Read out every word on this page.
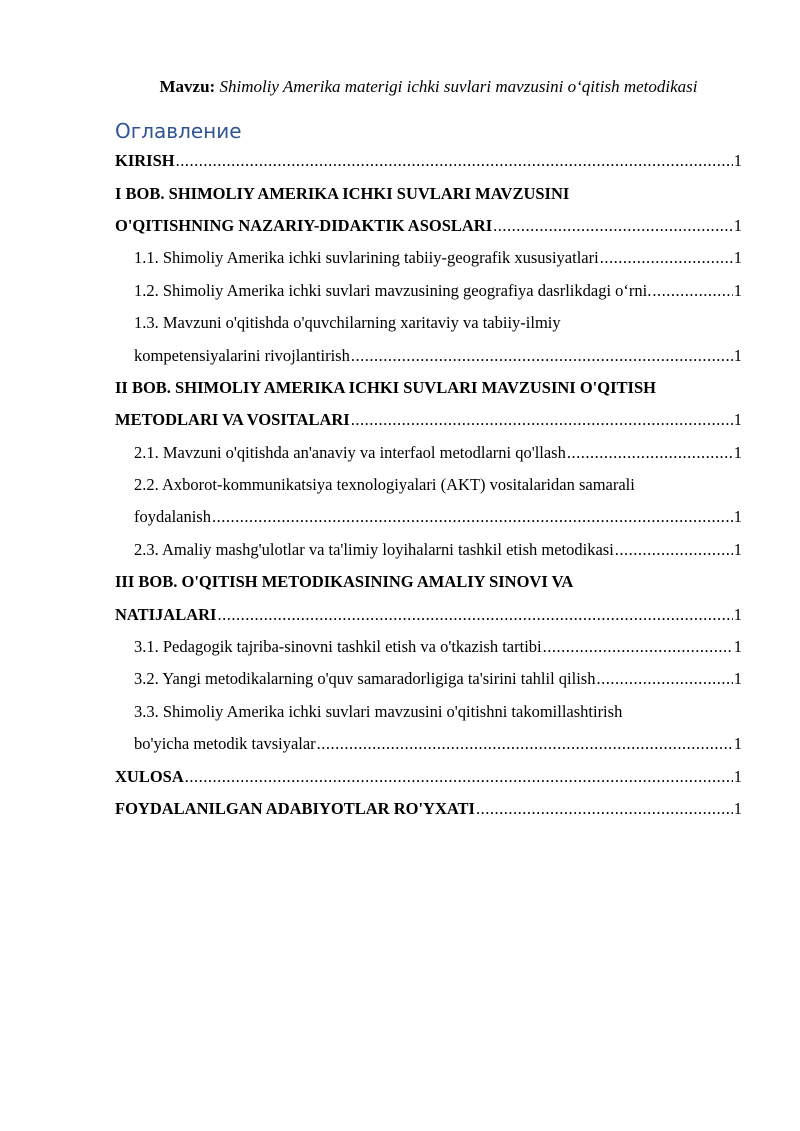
Mavzu: Shimoliy Amerika materigi ichki suvlari mavzusini o‘qitish metodikasi
Оглавление
KIRISH .....	1
I BOB. SHIMOLIY AMERIKA ICHKI SUVLARI MAVZUSINI
O'QITISHNING NAZARIY-DIDAKTIK ASOSLARI .....	1
1.1. Shimoliy Amerika ichki suvlarining tabiiy-geografik xususiyatlari .....	1
1.2. Shimoliy Amerika ichki suvlari mavzusining geografiya dasrlikdagi o‘rni. .....	1
1.3. Mavzuni o'qitishda o'quvchilarning xaritaviy va tabiiy-ilmiy
kompetensiyalarini rivojlantirish .....	1
II BOB. SHIMOLIY AMERIKA ICHKI SUVLARI MAVZUSINI O'QITISH
METODLARI VA VOSITALARI .....	1
2.1. Mavzuni o'qitishda an'anaviy va interfaol metodlarni qo'llash .....	1
2.2. Axborot-kommunikatsiya texnologiyalari (AKT) vositalaridan samarali
foydalanish .....	1
2.3. Amaliy mashg'ulotlar va ta'limiy loyihalarni tashkil etish metodikasi .....	1
III BOB. O'QITISH METODIKASINING AMALIY SINOVI VA
NATIJALARI .....	1
3.1. Pedagogik tajriba-sinovni tashkil etish va o'tkazish tartibi .....	1
3.2. Yangi metodikalarning o'quv samaradorligiga ta'sirini tahlil qilish .....	1
3.3. Shimoliy Amerika ichki suvlari mavzusini o'qitishni takomillashtirish
bo'yicha metodik tavsiyalar .....	1
XULOSA .....	1
FOYDALANILGAN ADABIYOTLAR RO'YXATI .....	1
